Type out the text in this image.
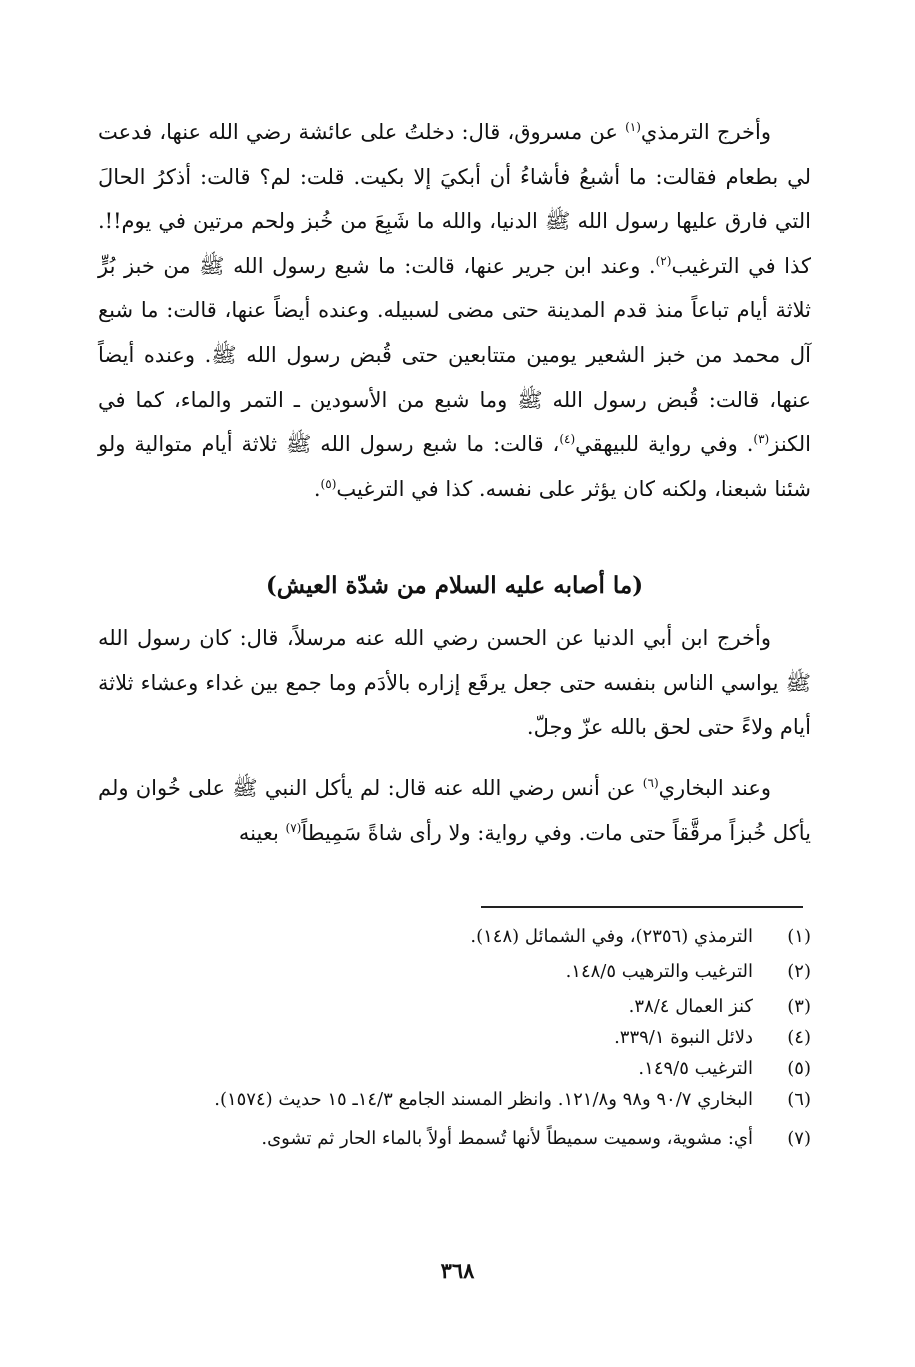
وأخرج الترمذي$^{(١)}$ عن مسروق، قال: دخلتُ على عائشة رضي الله عنها، فدعت لي بطعام فقالت: ما أشبعُ فأشاءُ أن أبكيَ إلا بكيت. قلت: لم؟ قالت: أذكرُ الحالَ التي فارق عليها رسول الله ﷺ الدنيا، والله ما شَبِعَ من خُبز ولحم مرتين في يوم!!. كذا في الترغيب$^{(٢)}$. وعند ابن جرير عنها، قالت: ما شبع رسول الله ﷺ من خبز بُرٍّ ثلاثة أيام تباعاً منذ قدم المدينة حتى مضى لسبيله. وعنده أيضاً عنها، قالت: ما شبع آل محمد من خبز الشعير يومين متتابعين حتى قُبض رسول الله ﷺ. وعنده أيضاً عنها، قالت: قُبض رسول الله ﷺ وما شبع من الأسودين ـ التمر والماء، كما في الكنز$^{(٣)}$. وفي رواية للبيهقي$^{(٤)}$، قالت: ما شبع رسول الله ﷺ ثلاثة أيام متوالية ولو شئنا شبعنا، ولكنه كان يؤثر على نفسه. كذا في الترغيب$^{(٥)}$.

(ما أصابه عليه السلام من شدّة العيش)

وأخرج ابن أبي الدنيا عن الحسن رضي الله عنه مرسلاً، قال: كان رسول الله ﷺ يواسي الناس بنفسه حتى جعل يرقَع إزاره بالأدَم وما جمع بين غداء وعشاء ثلاثة أيام ولاءً حتى لحق بالله عزّ وجلّ.

وعند البخاري$^{(٦)}$ عن أنس رضي الله عنه قال: لم يأكل النبي ﷺ على خُوان ولم يأكل خُبزاً مرقَّقاً حتى مات. وفي رواية: ولا رأى شاةً سَمِيطاً$^{(٧)}$ بعينه

(١)
الترمذي (٢٣٥٦)، وفي الشمائل (١٤٨).
(٢)
الترغيب والترهيب ١٤٨/٥.
(٣)
كنز العمال ٣٨/٤.
(٤)
دلائل النبوة ٣٣٩/١.
(٥)
الترغيب ١٤٩/٥.
(٦)
البخاري ٩٠/٧ و٩٨ و١٢١/٨. وانظر المسند الجامع ١٤/٣ـ ١٥ حديث (١٥٧٤).
(٧)
أي: مشوية، وسميت سميطاً لأنها تُسمط أولاً بالماء الحار ثم تشوى.
٣٦٨
